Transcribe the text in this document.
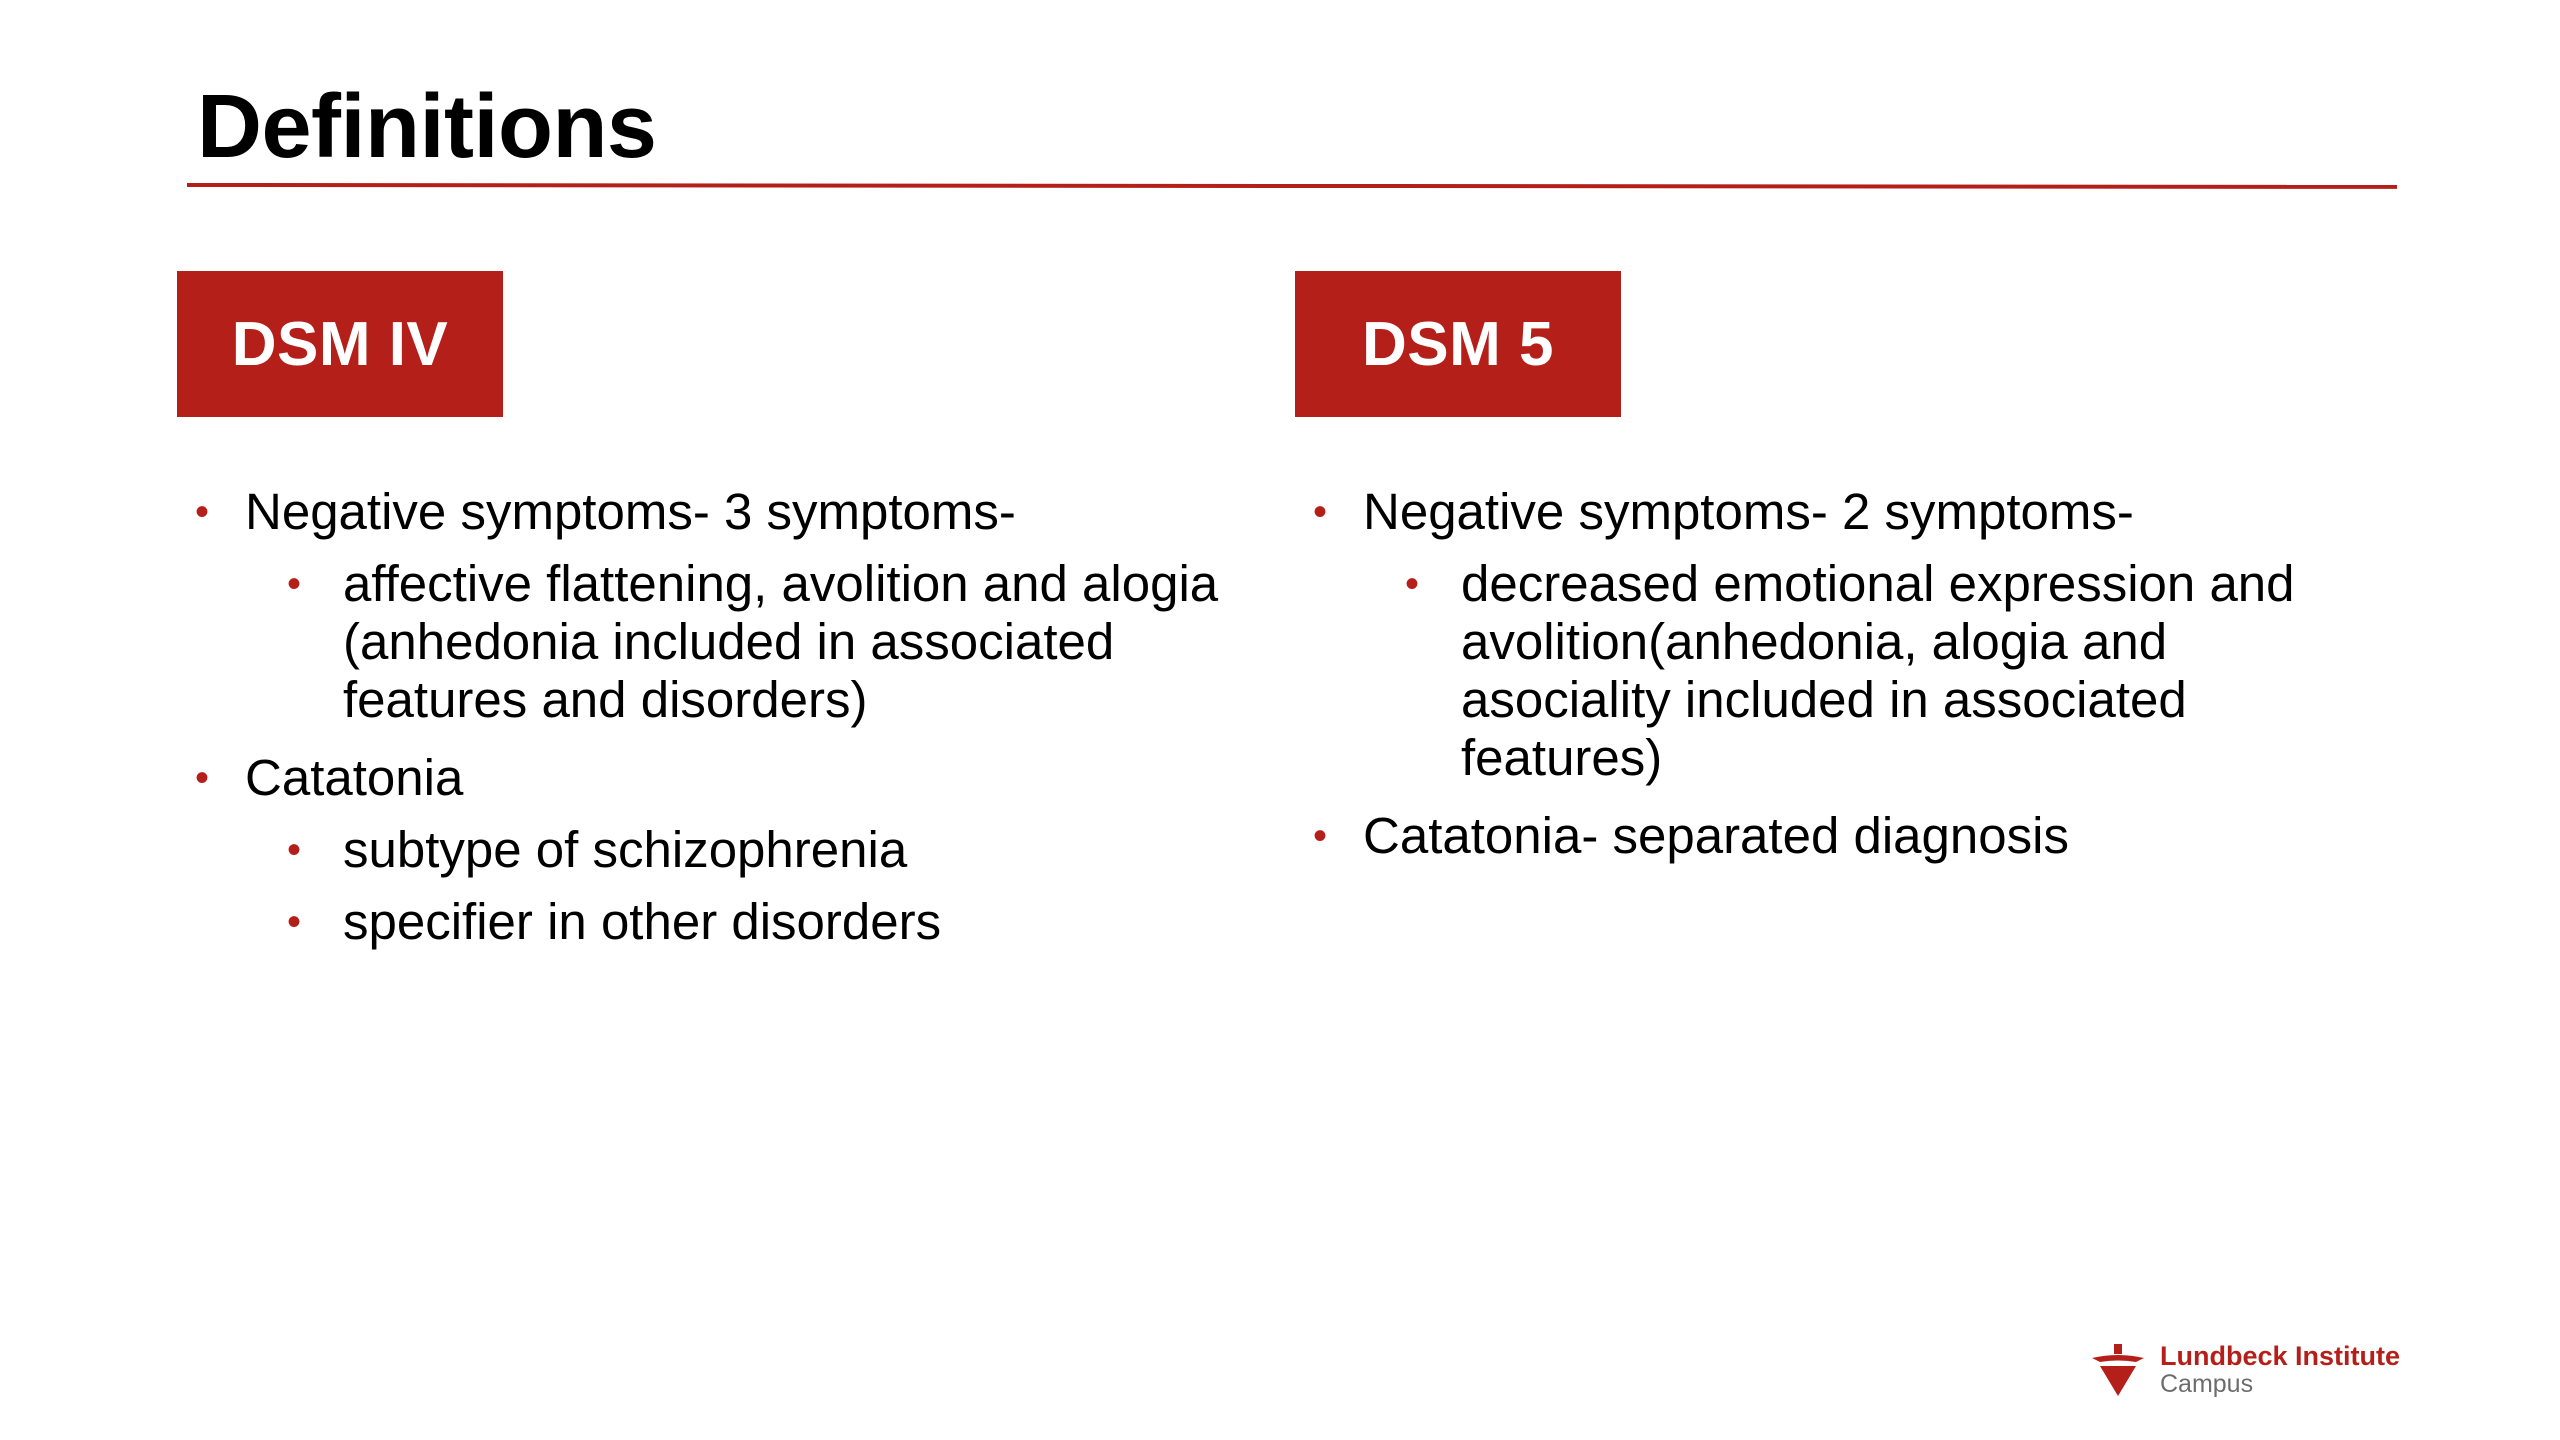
Definitions
DSM IV
• Negative symptoms- 3 symptoms-
• affective flattening, avolition and alogia (anhedonia included in associated features and disorders)
• Catatonia
• subtype of schizophrenia
• specifier in other disorders
DSM 5
• Negative symptoms- 2 symptoms-
• decreased emotional expression and avolition(anhedonia, alogia and asociality included in associated features)
• Catatonia- separated diagnosis
Lundbeck Institute
Campus
